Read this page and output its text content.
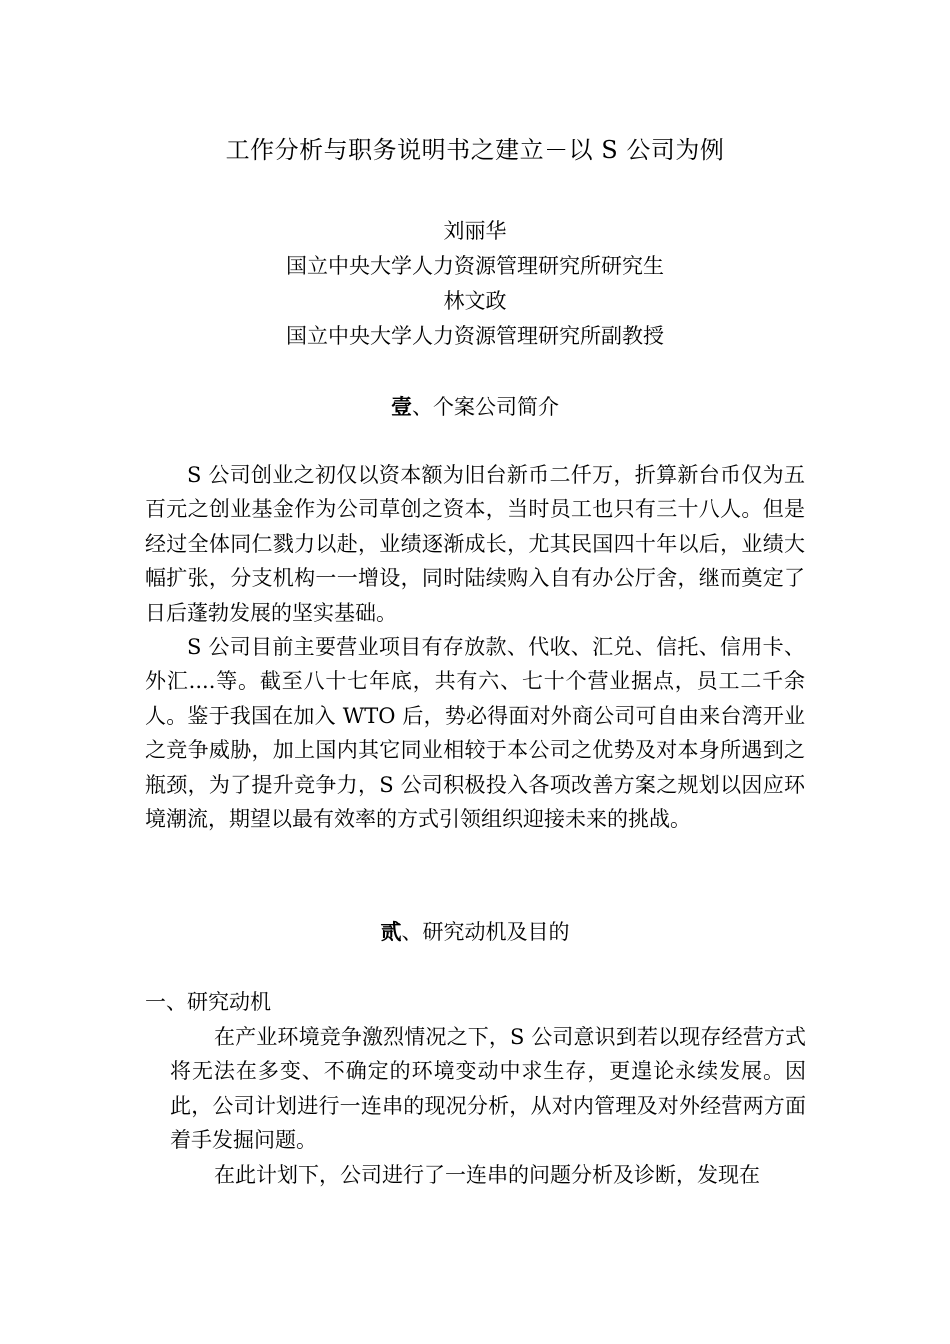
工作分析与职务说明书之建立－以 S 公司为例
刘丽华
国立中央大学人力资源管理研究所研究生
林文政
国立中央大学人力资源管理研究所副教授
壹、个案公司简介

S 公司创业之初仅以资本额为旧台新币二仟万，折算新台币仅为五百元之创业基金作为公司草创之资本，当时员工也只有三十八人。但是经过全体同仁戮力以赴，业绩逐渐成长，尤其民国四十年以后，业绩大幅扩张，分支机构一一增设，同时陆续购入自有办公厅舍，继而奠定了日后蓬勃发展的坚实基础。

S 公司目前主要营业项目有存放款、代收、汇兑、信托、信用卡、外汇....等。截至八十七年底，共有六、七十个营业据点，员工二千余人。鉴于我国在加入 WTO 后，势必得面对外商公司可自由来台湾开业之竞争威胁，加上国内其它同业相较于本公司之优势及对本身所遇到之瓶颈，为了提升竞争力，S 公司积极投入各项改善方案之规划以因应环境潮流，期望以最有效率的方式引领组织迎接未来的挑战。

贰、研究动机及目的
一、研究动机

在产业环境竞争激烈情况之下，S 公司意识到若以现存经营方式将无法在多变、不确定的环境变动中求生存，更遑论永续发展。因此，公司计划进行一连串的现况分析，从对内管理及对外经营两方面着手发掘问题。

在此计划下，公司进行了一连串的问题分析及诊断，发现在
